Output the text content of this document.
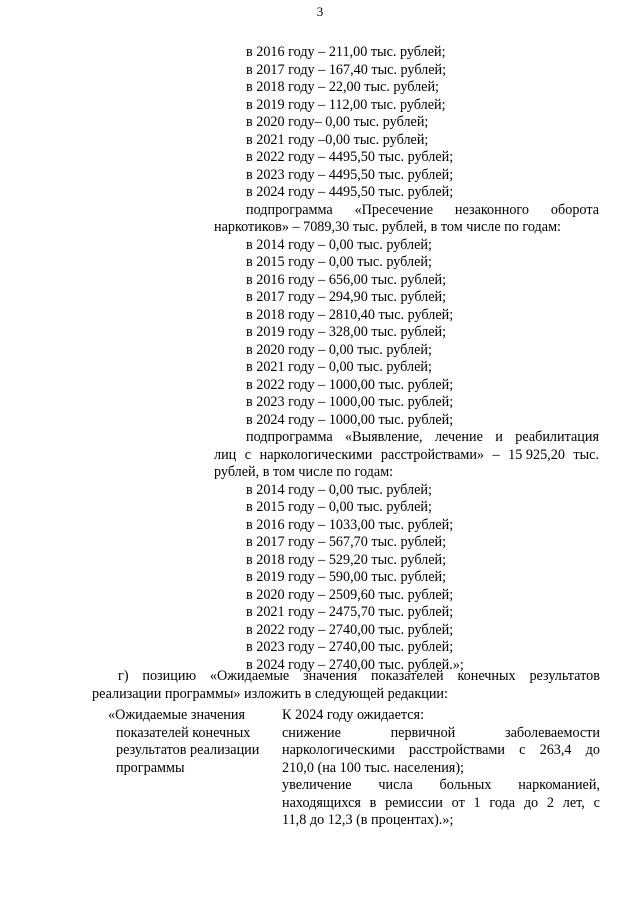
3
в 2016 году – 211,00 тыс. рублей;
в 2017 году – 167,40 тыс. рублей;
в 2018 году – 22,00 тыс. рублей;
в 2019 году – 112,00 тыс. рублей;
в 2020 году– 0,00 тыс. рублей;
в 2021 году –0,00 тыс. рублей;
в 2022 году – 4495,50 тыс. рублей;
в 2023 году – 4495,50 тыс. рублей;
в 2024 году – 4495,50 тыс. рублей;
подпрограмма «Пресечение незаконного оборота
наркотиков» – 7089,30 тыс. рублей, в том числе по годам:
в 2014 году – 0,00 тыс. рублей;
в 2015 году – 0,00 тыс. рублей;
в 2016 году – 656,00 тыс. рублей;
в 2017 году – 294,90 тыс. рублей;
в 2018 году – 2810,40 тыс. рублей;
в 2019 году – 328,00 тыс. рублей;
в 2020 году – 0,00 тыс. рублей;
в 2021 году – 0,00 тыс. рублей;
в 2022 году – 1000,00 тыс. рублей;
в 2023 году – 1000,00 тыс. рублей;
в 2024 году – 1000,00 тыс. рублей;
подпрограмма «Выявление, лечение и реабилитация
лиц с наркологическими расстройствами» – 15 925,20 тыс.
рублей, в том числе по годам:
в 2014 году – 0,00 тыс. рублей;
в 2015 году – 0,00 тыс. рублей;
в 2016 году – 1033,00 тыс. рублей;
в 2017 году – 567,70 тыс. рублей;
в 2018 году – 529,20 тыс. рублей;
в 2019 году – 590,00 тыс. рублей;
в 2020 году – 2509,60 тыс. рублей;
в 2021 году – 2475,70 тыс. рублей;
в 2022 году – 2740,00 тыс. рублей;
в 2023 году – 2740,00 тыс. рублей;
в 2024 году – 2740,00 тыс. рублей.»;
г) позицию «Ожидаемые значения показателей конечных результатов
реализации программы» изложить в следующей редакции:
«Ожидаемые значения
показателей конечных
результатов реализации
программы
К 2024 году ожидается:
снижение	первичной	заболеваемости
наркологическими расстройствами с 263,4 до
210,0 (на 100 тыс. населения);
увеличение числа больных наркоманией,
находящихся в ремиссии от 1 года до 2 лет, с
11,8 до 12,3 (в процентах).»;
